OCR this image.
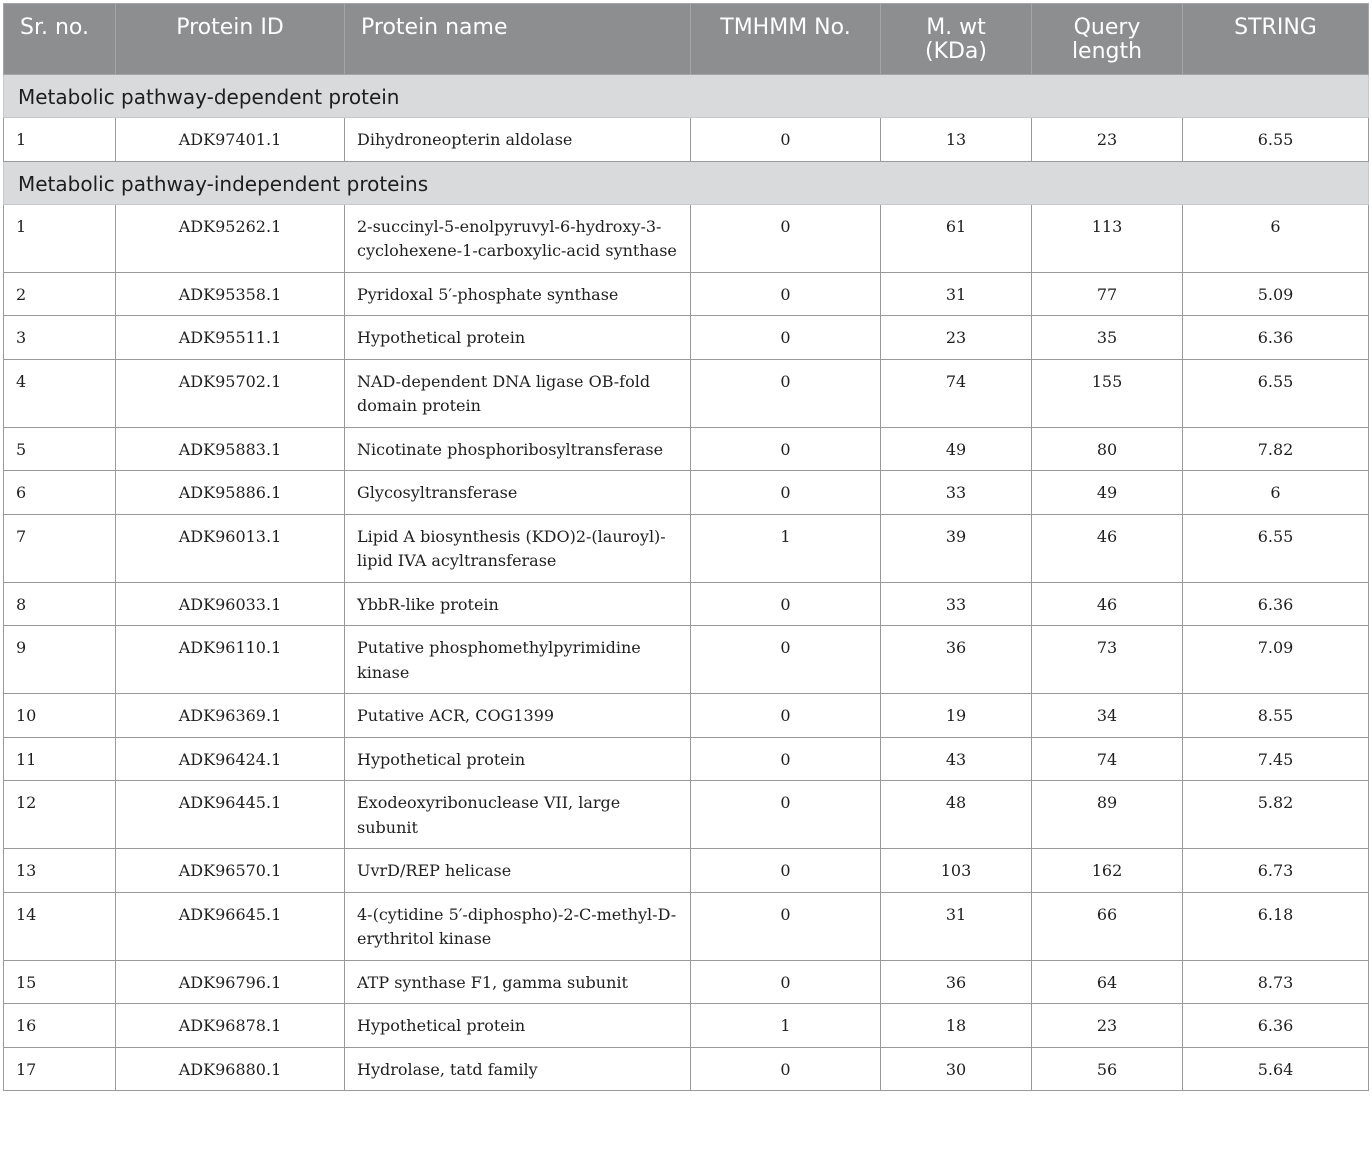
Sr. no.	Protein ID	Protein name	TMHMM No.	M. wt (KDa)	Query length	STRING
Metabolic pathway-dependent protein						
1	ADK97401.1	Dihydroneopterin aldolase	0	13	23	6.55
Metabolic pathway-independent proteins						
1	ADK95262.1	2-succinyl-5-enolpyruvyl-6-hydroxy-3-cyclohexene-1-carboxylic-acid synthase	0	61	113	6
2	ADK95358.1	Pyridoxal 5′-phosphate synthase	0	31	77	5.09
3	ADK95511.1	Hypothetical protein	0	23	35	6.36
4	ADK95702.1	NAD-dependent DNA ligase OB-fold domain protein	0	74	155	6.55
5	ADK95883.1	Nicotinate phosphoribosyltransferase	0	49	80	7.82
6	ADK95886.1	Glycosyltransferase	0	33	49	6
7	ADK96013.1	Lipid A biosynthesis (KDO)2-(lauroyl)-lipid IVA acyltransferase	1	39	46	6.55
8	ADK96033.1	YbbR-like protein	0	33	46	6.36
9	ADK96110.1	Putative phosphomethylpyrimidine kinase	0	36	73	7.09
10	ADK96369.1	Putative ACR, COG1399	0	19	34	8.55
11	ADK96424.1	Hypothetical protein	0	43	74	7.45
12	ADK96445.1	Exodeoxyribonuclease VII, large subunit	0	48	89	5.82
13	ADK96570.1	UvrD/REP helicase	0	103	162	6.73
14	ADK96645.1	4-(cytidine 5′-diphospho)-2-C-methyl-D-erythritol kinase	0	31	66	6.18
15	ADK96796.1	ATP synthase F1, gamma subunit	0	36	64	8.73
16	ADK96878.1	Hypothetical protein	1	18	23	6.36
17	ADK96880.1	Hydrolase, tatd family	0	30	56	5.64
